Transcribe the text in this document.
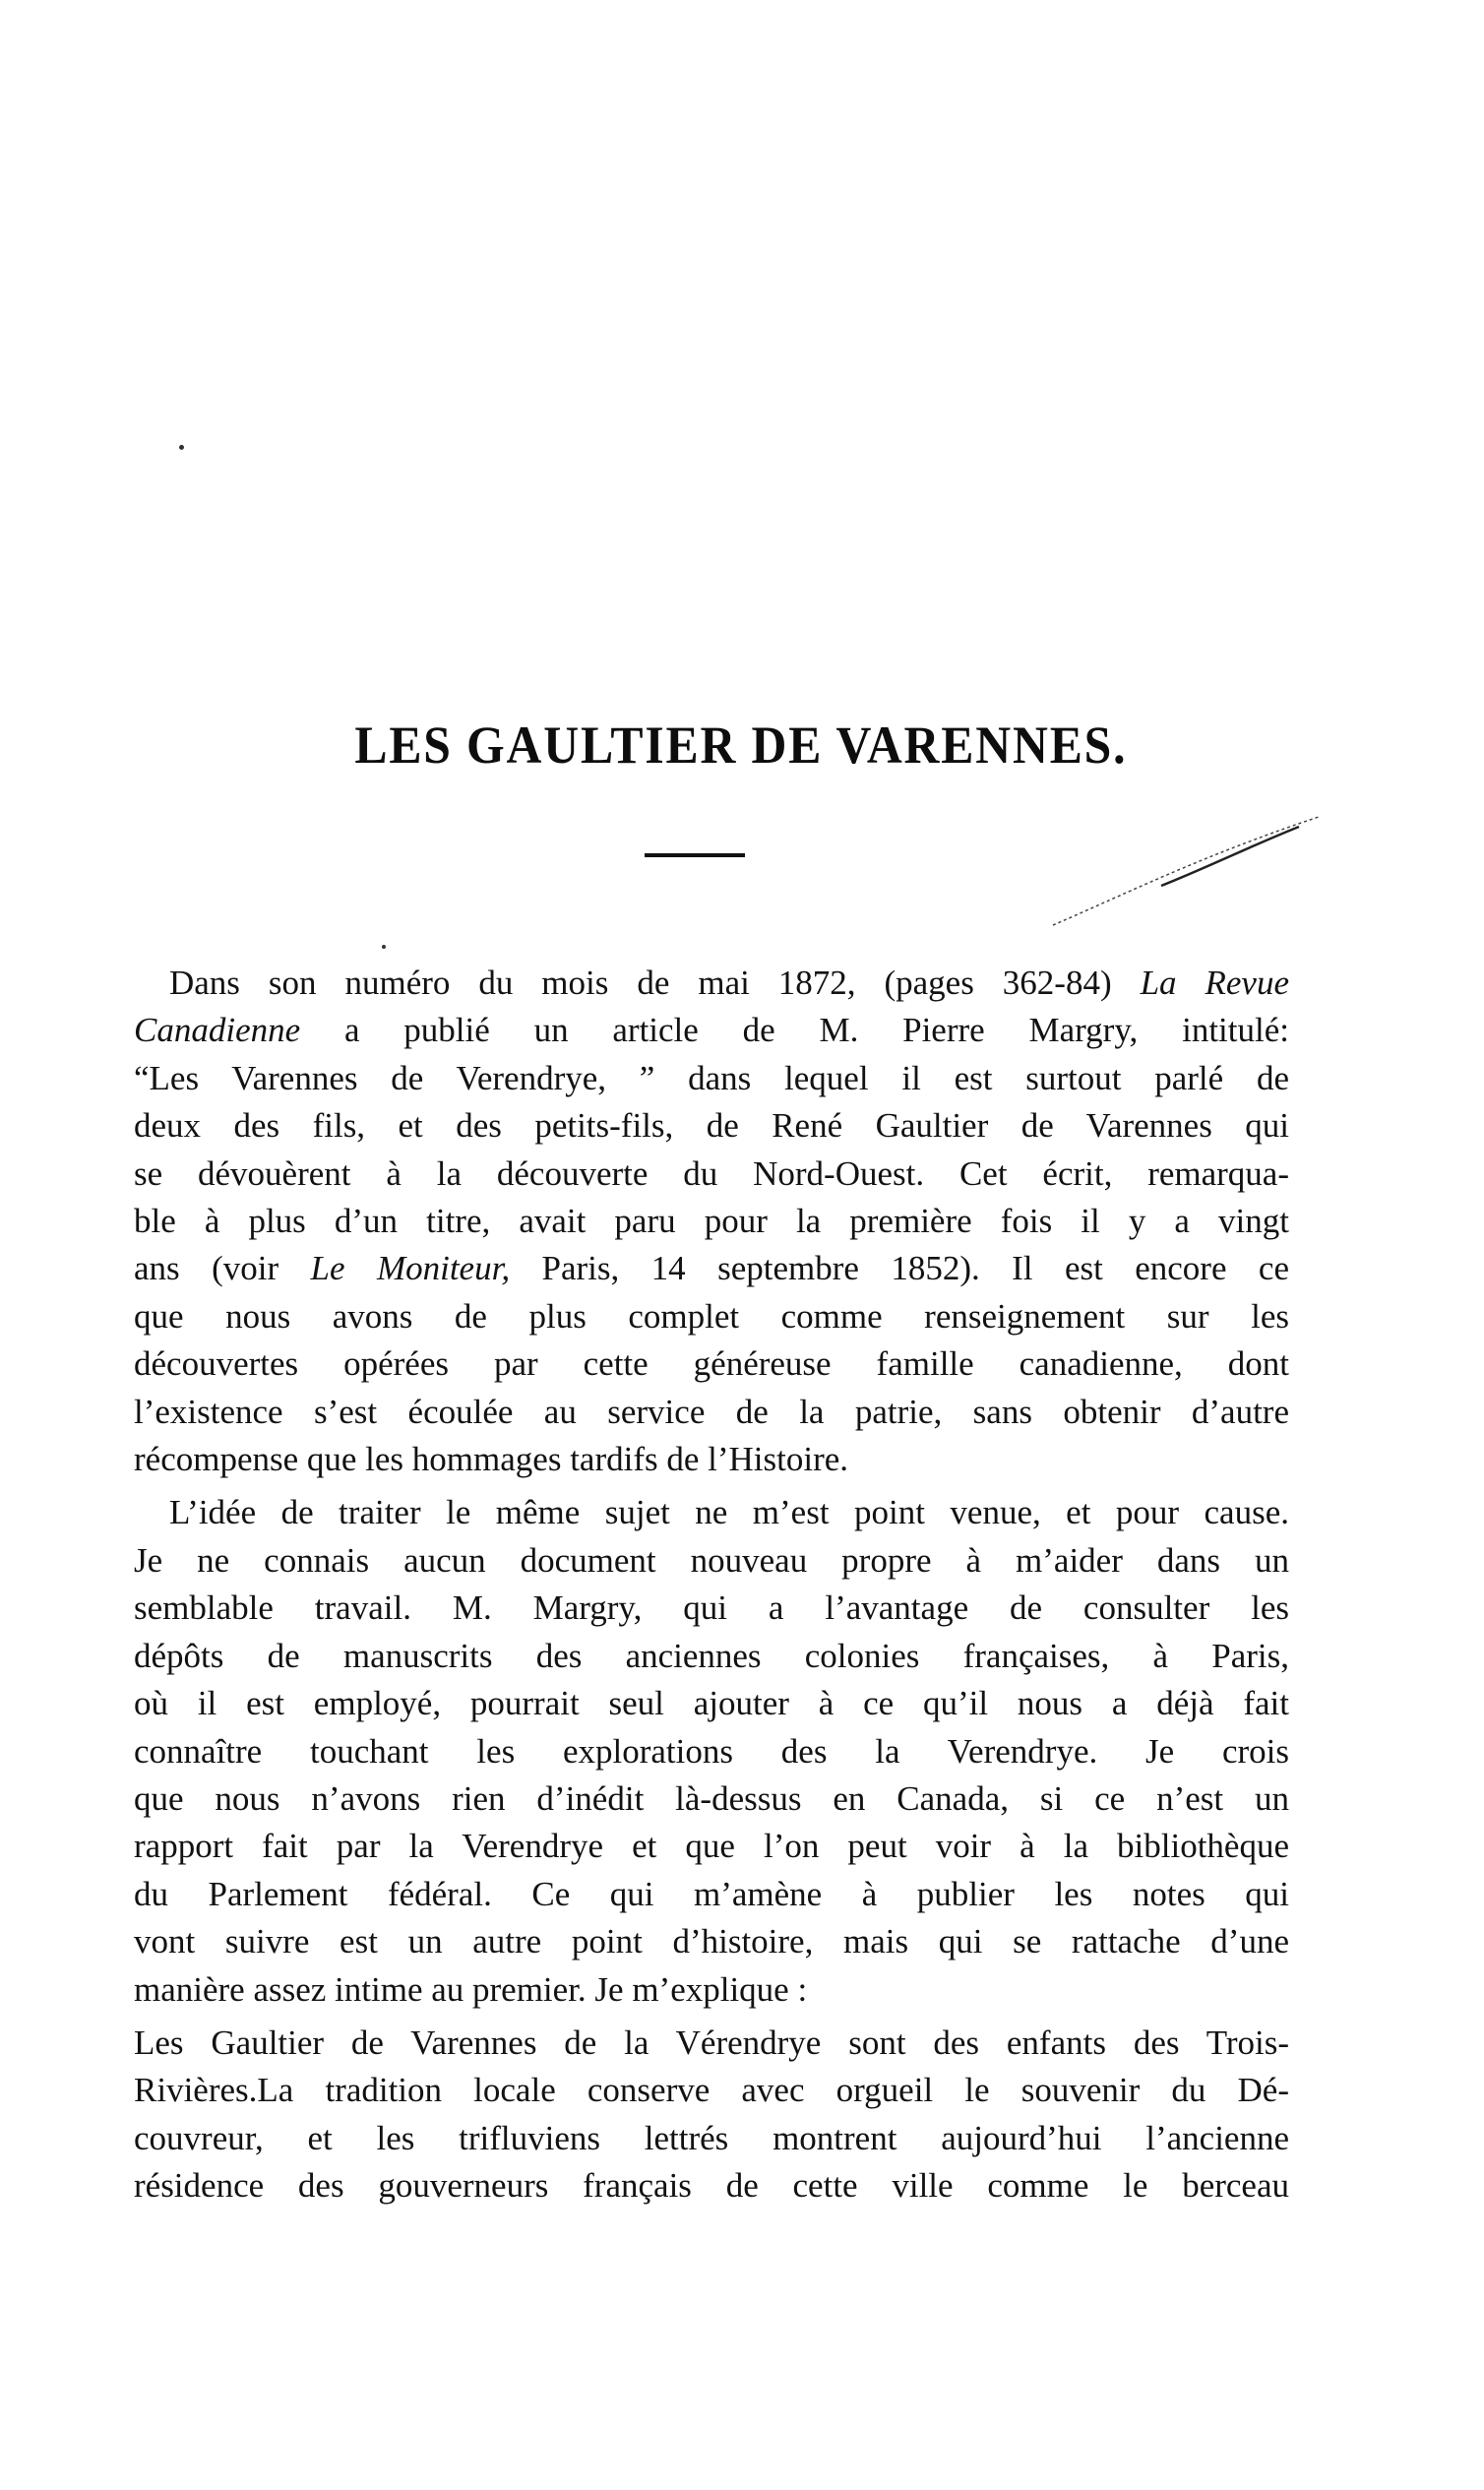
LES GAULTIER DE VARENNES.
Dans son numéro du mois de mai 1872, (pages 362-84) La Revue
Canadienne a publié un article de M. Pierre Margry, intitulé:
“Les Varennes de Verendrye, ” dans lequel il est surtout parlé de
deux des fils, et des petits-fils, de René Gaultier de Varennes qui
se dévouèrent à la découverte du Nord-Ouest. Cet écrit, remarqua-
ble à plus d’un titre, avait paru pour la première fois il y a vingt
ans (voir Le Moniteur, Paris, 14 septembre 1852). Il est encore ce
que nous avons de plus complet comme renseignement sur les
découvertes opérées par cette généreuse famille canadienne, dont
l’existence s’est écoulée au service de la patrie, sans obtenir d’autre
récompense que les hommages tardifs de l’Histoire.
L’idée de traiter le même sujet ne m’est point venue, et pour cause.
Je ne connais aucun document nouveau propre à m’aider dans un
semblable travail. M. Margry, qui a l’avantage de consulter les
dépôts de manuscrits des anciennes colonies françaises, à Paris,
où il est employé, pourrait seul ajouter à ce qu’il nous a déjà fait
connaître touchant les explorations des la Verendrye. Je crois
que nous n’avons rien d’inédit là-dessus en Canada, si ce n’est un
rapport fait par la Verendrye et que l’on peut voir à la bibliothèque
du Parlement fédéral. Ce qui m’amène à publier les notes qui
vont suivre est un autre point d’histoire, mais qui se rattache d’une
manière assez intime au premier. Je m’explique :
Les Gaultier de Varennes de la Vérendrye sont des enfants des Trois-
Rivières.La tradition locale conserve avec orgueil le souvenir du Dé-
couvreur, et les trifluviens lettrés montrent aujourd’hui l’ancienne
résidence des gouverneurs français de cette ville comme le berceau
